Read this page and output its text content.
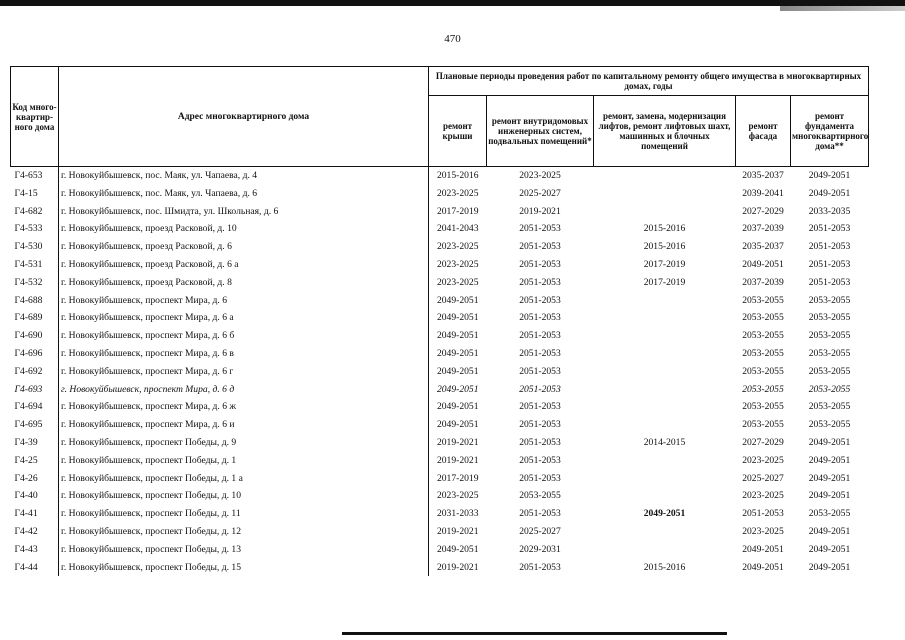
470
Код много-квартир-ного дома	Адрес многоквартирного дома	Плановые периоды проведения работ по капитальному ремонту общего имущества в многоквартирных домах, годы				
		ремонт крыши	ремонт внутридомовых инженерных систем, подвальных помещений*	ремонт, замена, модернизация лифтов, ремонт лифтовых шахт, машинных и блочных помещений	ремонт фасада	ремонт фундамента многоквартирного дома**
Г4-653	г. Новокуйбышевск, пос. Маяк, ул. Чапаева, д. 4	2015-2016	2023-2025		2035-2037	2049-2051
Г4-15	г. Новокуйбышевск, пос. Маяк, ул. Чапаева, д. 6	2023-2025	2025-2027		2039-2041	2049-2051
Г4-682	г. Новокуйбышевск, пос. Шмидта, ул. Школьная, д. 6	2017-2019	2019-2021		2027-2029	2033-2035
Г4-533	г. Новокуйбышевск, проезд Расковой, д. 10	2041-2043	2051-2053	2015-2016	2037-2039	2051-2053
Г4-530	г. Новокуйбышевск, проезд Расковой, д. 6	2023-2025	2051-2053	2015-2016	2035-2037	2051-2053
Г4-531	г. Новокуйбышевск, проезд Расковой, д. 6 а	2023-2025	2051-2053	2017-2019	2049-2051	2051-2053
Г4-532	г. Новокуйбышевск, проезд Расковой, д. 8	2023-2025	2051-2053	2017-2019	2037-2039	2051-2053
Г4-688	г. Новокуйбышевск, проспект Мира, д. 6	2049-2051	2051-2053		2053-2055	2053-2055
Г4-689	г. Новокуйбышевск, проспект Мира, д. 6 а	2049-2051	2051-2053		2053-2055	2053-2055
Г4-690	г. Новокуйбышевск, проспект Мира, д. 6 б	2049-2051	2051-2053		2053-2055	2053-2055
Г4-696	г. Новокуйбышевск, проспект Мира, д. 6 в	2049-2051	2051-2053		2053-2055	2053-2055
Г4-692	г. Новокуйбышевск, проспект Мира, д. 6 г	2049-2051	2051-2053		2053-2055	2053-2055
Г4-693	г. Новокуйбышевск, проспект Мира, д. 6 д	2049-2051	2051-2053		2053-2055	2053-2055
Г4-694	г. Новокуйбышевск, проспект Мира, д. 6 ж	2049-2051	2051-2053		2053-2055	2053-2055
Г4-695	г. Новокуйбышевск, проспект Мира, д. 6 и	2049-2051	2051-2053		2053-2055	2053-2055
Г4-39	г. Новокуйбышевск, проспект Победы, д. 9	2019-2021	2051-2053	2014-2015	2027-2029	2049-2051
Г4-25	г. Новокуйбышевск, проспект Победы, д. 1	2019-2021	2051-2053		2023-2025	2049-2051
Г4-26	г. Новокуйбышевск, проспект Победы, д. 1 а	2017-2019	2051-2053		2025-2027	2049-2051
Г4-40	г. Новокуйбышевск, проспект Победы, д. 10	2023-2025	2053-2055		2023-2025	2049-2051
Г4-41	г. Новокуйбышевск, проспект Победы, д. 11	2031-2033	2051-2053	2049-2051	2051-2053	2053-2055
Г4-42	г. Новокуйбышевск, проспект Победы, д. 12	2019-2021	2025-2027		2023-2025	2049-2051
Г4-43	г. Новокуйбышевск, проспект Победы, д. 13	2049-2051	2029-2031		2049-2051	2049-2051
Г4-44	г. Новокуйбышевск, проспект Победы, д. 15	2019-2021	2051-2053	2015-2016	2049-2051	2049-2051
